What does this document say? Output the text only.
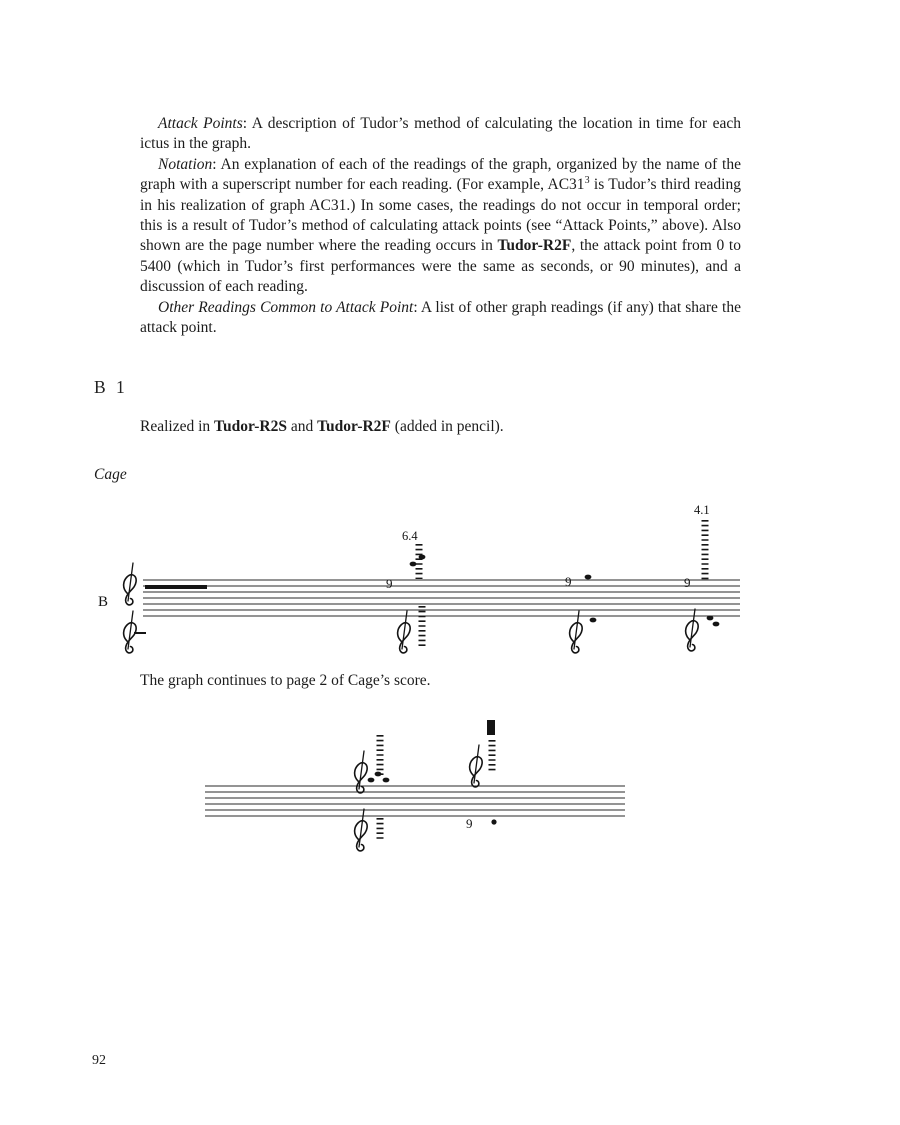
Attack Points: A description of Tudor’s method of calculating the location in time for each ictus in the graph.

Notation: An explanation of each of the readings of the graph, organized by the name of the graph with a superscript number for each reading. (For example, $AC31^3$ is Tudor’s third reading in his realization of graph AC31.) In some cases, the readings do not occur in temporal order; this is a result of Tudor’s method of calculating attack points (see “Attack Points,” above). Also shown are the page number where the reading occurs in Tudor-R2F, the attack point from 0 to 5400 (which in Tudor’s first performances were the same as seconds, or 90 minutes), and a discussion of each reading.

Other Readings Common to Attack Point: A list of other graph readings (if any) that share the attack point.

B 1

Realized in Tudor-R2S and Tudor-R2F (added in pencil).

Cage
B
6.4
9	9
4.1
9

The graph continues to page 2 of Cage’s score.

9
92
